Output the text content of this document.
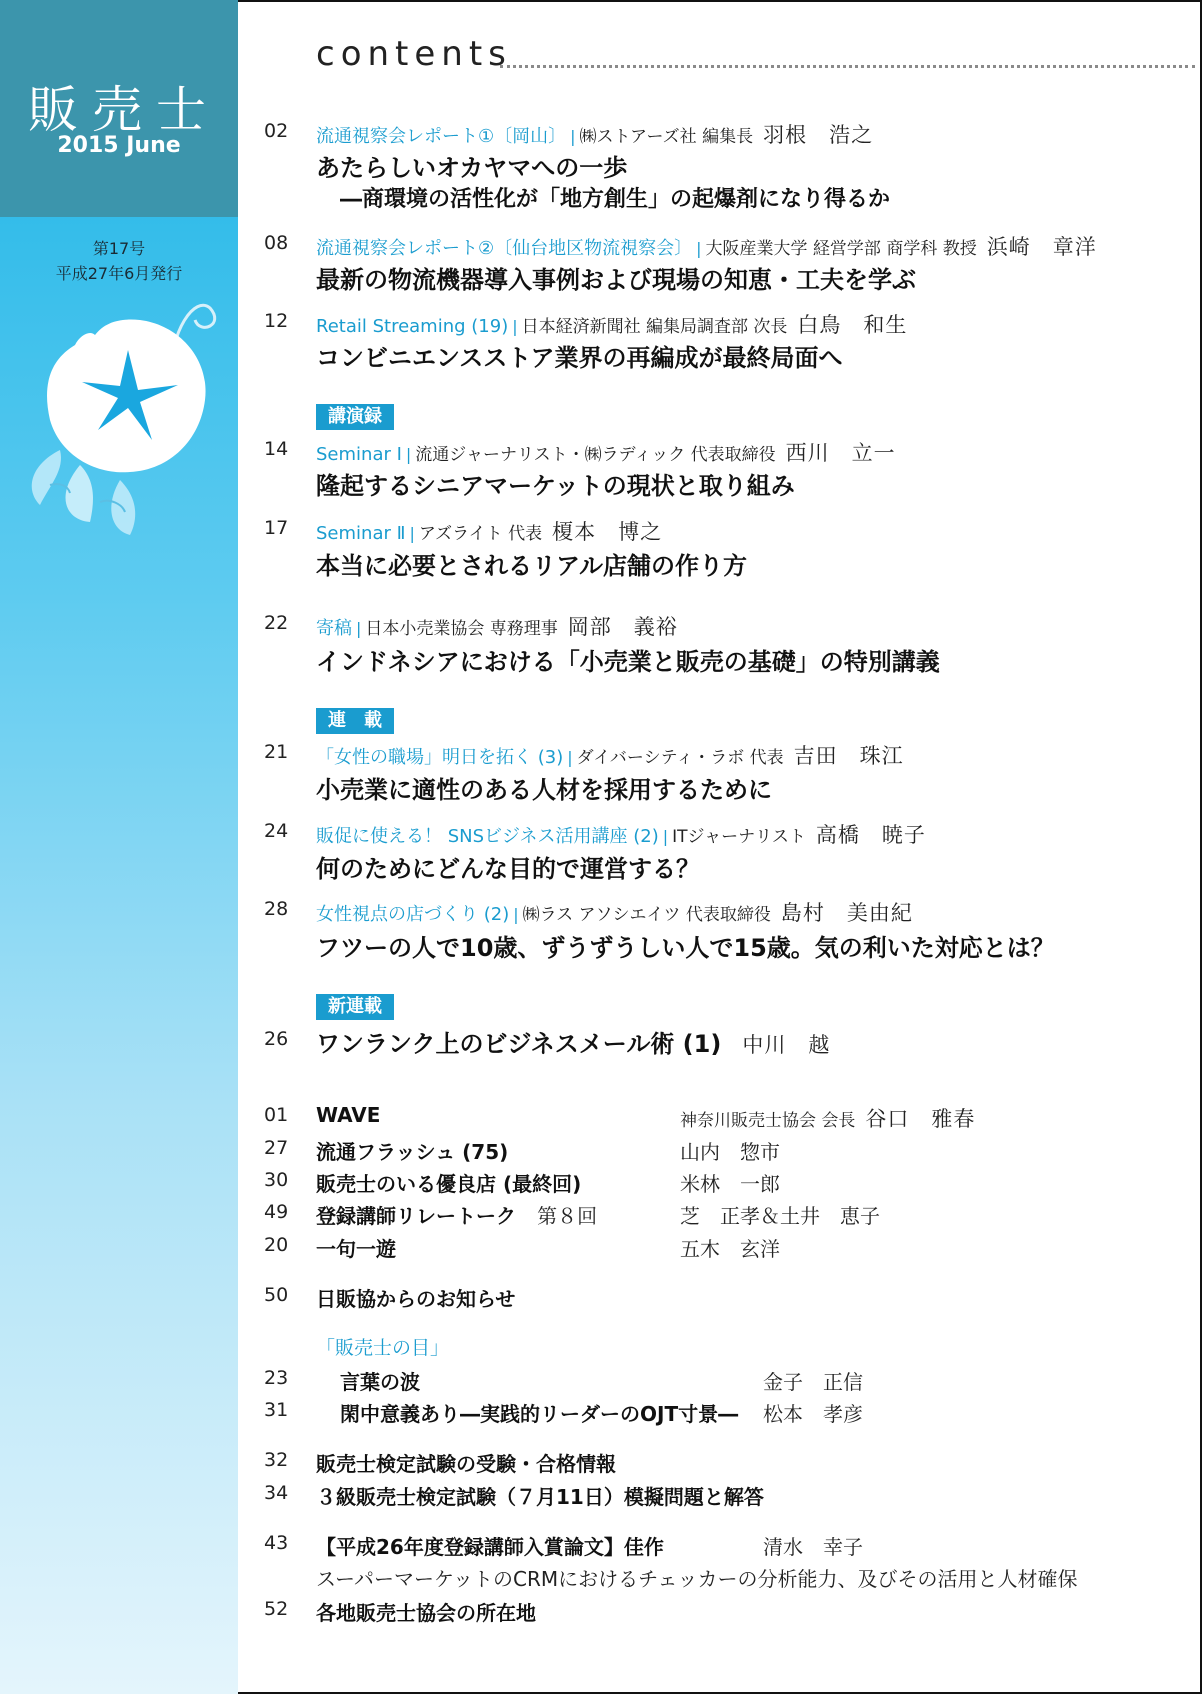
販売士
2015 June
第17号
平成27年6月発行
contents
02 流通視察会レポート①〔岡山〕 | ㈱ストアーズ社 編集長 羽根　浩之
あたらしいオカヤマへの一歩
―商環境の活性化が「地方創生」の起爆剤になり得るか
08 流通視察会レポート②〔仙台地区物流視察会〕 | 大阪産業大学 経営学部 商学科 教授 浜崎　章洋
最新の物流機器導入事例および現場の知恵・工夫を学ぶ
12 Retail Streaming (19) | 日本経済新聞社 編集局調査部 次長 白鳥　和生
コンビニエンスストア業界の再編成が最終局面へ
講演録
14 Seminar Ⅰ | 流通ジャーナリスト・㈱ラディック 代表取締役 西川　立一
隆起するシニアマーケットの現状と取り組み
17 Seminar Ⅱ | アズライト 代表 榎本　博之
本当に必要とされるリアル店舗の作り方
22 寄稿 | 日本小売業協会 専務理事 岡部　義裕
インドネシアにおける「小売業と販売の基礎」の特別講義
連　載
21 「女性の職場」明日を拓く (3) | ダイバーシティ・ラボ 代表 吉田　珠江
小売業に適性のある人材を採用するために
24 販促に使える！ SNSビジネス活用講座 (2) | ITジャーナリスト 高橋　暁子
何のためにどんな目的で運営する？
28 女性視点の店づくり (2) | ㈱ラス アソシエイツ 代表取締役 島村　美由紀
フツーの人で10歳、ずうずうしい人で15歳。気の利いた対応とは？
新連載
26 ワンランク上のビジネスメール術 (1) 中川　越
01 WAVE	神奈川販売士協会 会長 谷口　雅春
27 流通フラッシュ (75)	山内　惣市
30 販売士のいる優良店 (最終回)	米林　一郎
49 登録講師リレートーク 第８回	芝　正孝＆土井　恵子
20 一句一遊	五木　玄洋
50 日販協からのお知らせ
「販売士の目」
23	言葉の波	金子　正信
31	閑中意義あり―実践的リーダーのOJT寸景― 松本　孝彦
32 販売士検定試験の受験・合格情報
34 ３級販売士検定試験（７月11日）模擬問題と解答
43 【平成26年度登録講師入賞論文】佳作	清水　幸子
スーパーマーケットのCRMにおけるチェッカーの分析能力、及びその活用と人材確保
52 各地販売士協会の所在地
